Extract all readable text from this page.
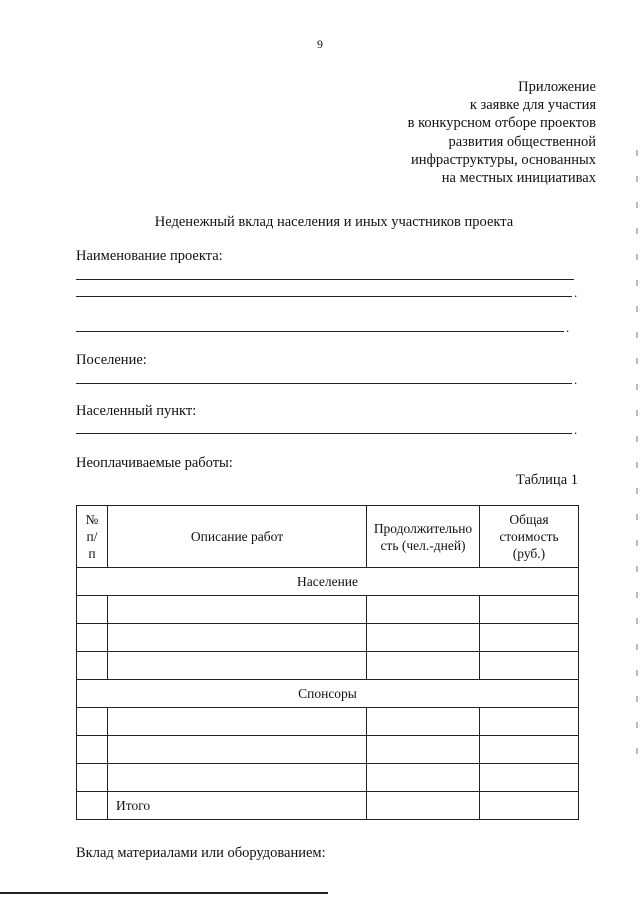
9
Приложение
к заявке для участия
в конкурсном отборе проектов
развития общественной
инфраструктуры, основанных
на местных инициативах
Неденежный вклад населения и иных участников проекта
Наименование проекта:
.
.
Поселение:
.
Населенный пункт:
.
Неоплачиваемые работы:
Таблица 1
№ п/п	Описание работ	Продолжительность (чел.-дней)	Общая стоимость (руб.)
Население			

Спонсоры			

	Итого		
Вклад материалами или оборудованием:
